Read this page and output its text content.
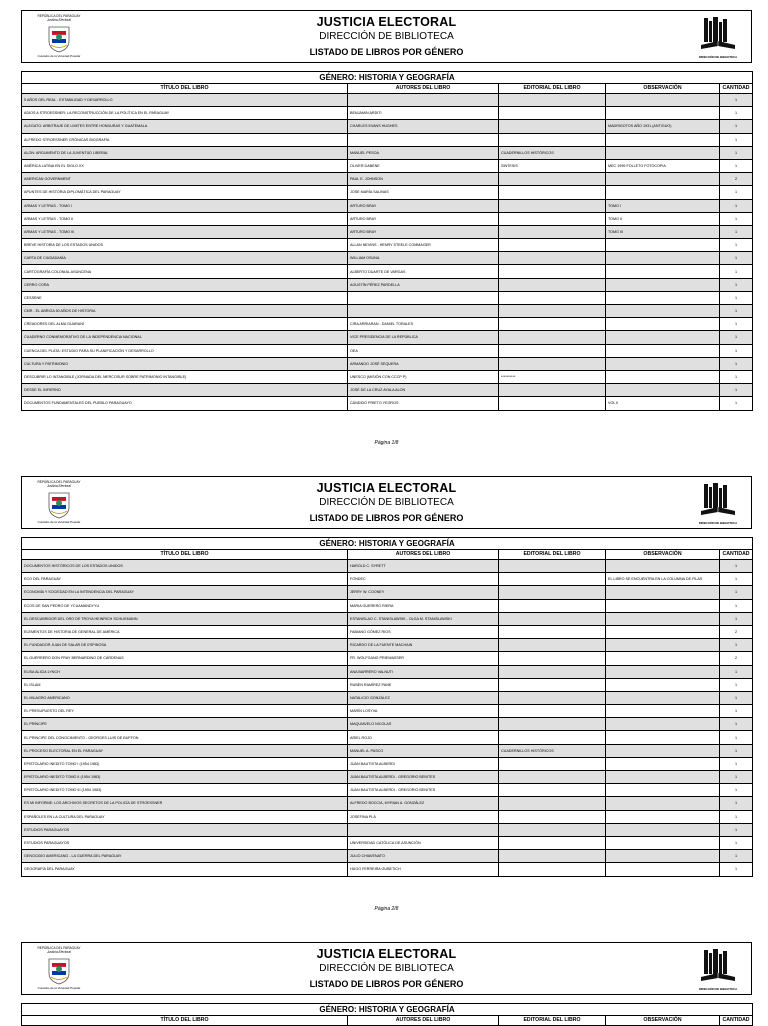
REPÚBLICA DEL PARAGUAY
Justicia Electoral
Custodio de la Voluntad Popular
JUSTICIA ELECTORAL
DIRECCIÓN DE BIBLIOTECA
LISTADO DE LIBROS POR GÉNERO	DIRECCIÓN DE BIBLIOTECA
GÉNERO: HISTORIA Y GEOGRAFÍA				
TÍTULO DEL LIBRO	AUTORES DEL LIBRO	EDITORIAL DEL LIBRO	OBSERVACIÓN	CANTIDAD
5 AÑOS DEL REAL - ESTABILIDAD Y DESARROLLO				1
ADIOS A STROESSNER: LA RECONSTRUCCIÓN DE LA POLÍTICA EN EL PARAGUAY	BENJAMIN ARDITI			1
ALEGATO: ARBITRAJE DE LIMITES ENTRE HONDURAS Y GUATEMALA	CHARLES EVANS HUGHES		MADRIGOTOS AÑO 1931 (ANTIGUO)	1
ALFREDO STROESSNER CRÓNICAS BIOGRAFÍA				1
ALON: ARGUMENTO DE LA JUVENTUD LIBERAL	MANUEL PESOA	CUADERNILLOS HISTÓRICOS		1
AMÉRICA LATINA EN EL SIGLO XX	OLIVER DABENE	SINTESIS	MEC 1999 FOLLETO FOTOCOPIA	1
AMERICAN GOVERNMENT	PAUL E. JOHNSON			2
APUNTES DE HISTORIA DIPLOMÁTICA DEL PARAGUAY	JOSE MARÍA SALINAS			1
ARMAS Y LETRAS - TOMO I	ARTURO BRAY		TOMO I	1
ARMAS Y LETRAS - TOMO II	ARTURO BRAY		TOMO II	1
ARMAS Y LETRAS - TOMO III	ARTURO BRAY		TOMO III	1
BREVE HISTORIA DE LOS ESTADOS UNIDOS	ALLAN NEVINS - HENRY STEELE COMMAGER			1
CARTA DE CIUDADANÍA	WILLIAM OSUNA			1
CARTOGRAFÍA COLONIAL ASUNCENA	ALBERTO DUARTE DE VARGAS			1
CERRO CORA	AGUSTÍN PÉREZ PARDELLA			1
CESSENE				1
CMR - EL ABRIGA 50 AÑOS DE HISTORIA				1
CREADORES DEL ALMA GUARANÍ	CIRA ARRIARAN - DANIEL TORALES			1
CUADERNO CONMEMORATIVO DE LA INDEPENDENCIA NACIONAL	VICE PRESIDENCIA DE LA REPÚBLICA			1
CUENCA DEL PLATA: ESTUDIO PARA SU PLANIFICACIÓN Y DESARROLLO	OEA			1
CULTURA Y PATRIMONIO	ARMANDO JOSÉ SEQUERA			1
DESCUBRIR LO INTANGIBLE (JORNADA DEL MERCOSUR SOBRE PATRIMONIO INTANGIBLE)	UNESCO (MISIÓN CON CCCP P)	**********		1
DESDE EL INFIERNO	JOSÉ DE LA CRUZ AYALA ALON			1
DOCUMENTOS FUNDAMENTALES DEL PUEBLO PARAGUAYO	CÁNDIDO PRIETO YEGROS		VOL II	1
Página 1/8
REPÚBLICA DEL PARAGUAY
Justicia Electoral
Custodio de la Voluntad Popular
JUSTICIA ELECTORAL
DIRECCIÓN DE BIBLIOTECA
LISTADO DE LIBROS POR GÉNERO	DIRECCIÓN DE BIBLIOTECA
GÉNERO: HISTORIA Y GEOGRAFÍA				
TÍTULO DEL LIBRO	AUTORES DEL LIBRO	EDITORIAL DEL LIBRO	OBSERVACIÓN	CANTIDAD
DOCUMENTOS HISTÓRICOS DE LOS ESTADOS UNIDOS	HAROLD C. SYRETT			1
ECO DEL PARAGUAY	FONDEC		EL LIBRO SE ENCUENTRA EN LA COLUMNA DE FILAS	1
ECONOMÍA Y SOCIEDAD EN LA INTENDENCIA DEL PARAGUAY	JERRY W. COONEY			1
ECOS DE SAN PEDRO DE YCUAMANDYYU	MARIA GUERERO RIERA			1
EL DESCUBRIDOR DEL ORO DE TROYA HEINRICH SCHLIEMANN	ESTANISLAO C. STANISLAWSKI - OLGA M. STANISLAWSKI			1
ELEMENTOS DE HISTORIA DE GENERAL DE AMÉRICA	FABIANO GÓMEZ RIOS			2
EL FUNDADOR JUAN DE SALAR DE ESPINOSA	RICARDO DE LA FUENTE MACHAIN			1
EL GUERRERO DON FRAY BERNARDINO DE CÁRDENAS	FR. WOLFGANG PRIEWASSER			2
ELISA ALICIA LYNCH	ANA BARRERO VALNUTI			1
EL ISLAM	RUBEN RAMÍREZ PANE			1
EL MILAGRO AMERICANO	NATALICIO GONZÁLEZ			1
EL PRESUPUESTO DEL REY	MARÍN LOSYVA			1
EL PRÍNCIPE	MAQUIAVELO NICOLAS			1
EL PRINCIPE DEL CONOCIMIENTO - GEORGES LUIS DE BUFFON	ARIEL ROJO			1
EL PROCESO ELECTORAL EN EL PARAGUAY	MANUEL A. PASCO	CUADERNILLOS HISTÓRICOS		1
EPISTOLARIO INEDITO TOMO I (1954 1983)	JUAN BAUTISTA ALBERDI			1
EPISTOLARIO INEDITO TOMO II (1954 1983)	JUAN BAUTISTA ALBERDI - GREGORIO BENITES			1
EPISTOLARIO INEDITO TOMO III (1954 1983)	JUAN BAUTISTA ALBERDI - GREGORIO BENITES			1
ES MI INFORME: LOS ARCHIVOS SECRETOS DE LA POLICÍA DE STROESSNER	ALFREDO BOCCIA, MYRIAN A. GONZÁLEZ			1
ESPAÑOLES EN LA CULTURA DEL PARAGUAY	JOSEFINA PLÁ			1
ESTUDIOS PARAGUAYOS				1
ESTUDIOS PARAGUAYOS	UNIVERSIDAD CATÓLICA DE ASUNCIÓN			1
GENOCIDIO AMERICANO - LA GUERRA DEL PARAGUAY	JULIO CHIAVENATO			1
GEOGRAFÍA DEL PARAGUAY	HUGO FERREIRA GUBETICH			1
Página 2/8
REPÚBLICA DEL PARAGUAY
Justicia Electoral
Custodio de la Voluntad Popular
JUSTICIA ELECTORAL
DIRECCIÓN DE BIBLIOTECA
LISTADO DE LIBROS POR GÉNERO	DIRECCIÓN DE BIBLIOTECA
GÉNERO: HISTORIA Y GEOGRAFÍA
TÍTULO DEL LIBRO	AUTORES DEL LIBRO	EDITORIAL DEL LIBRO	OBSERVACIÓN	CANTIDAD
